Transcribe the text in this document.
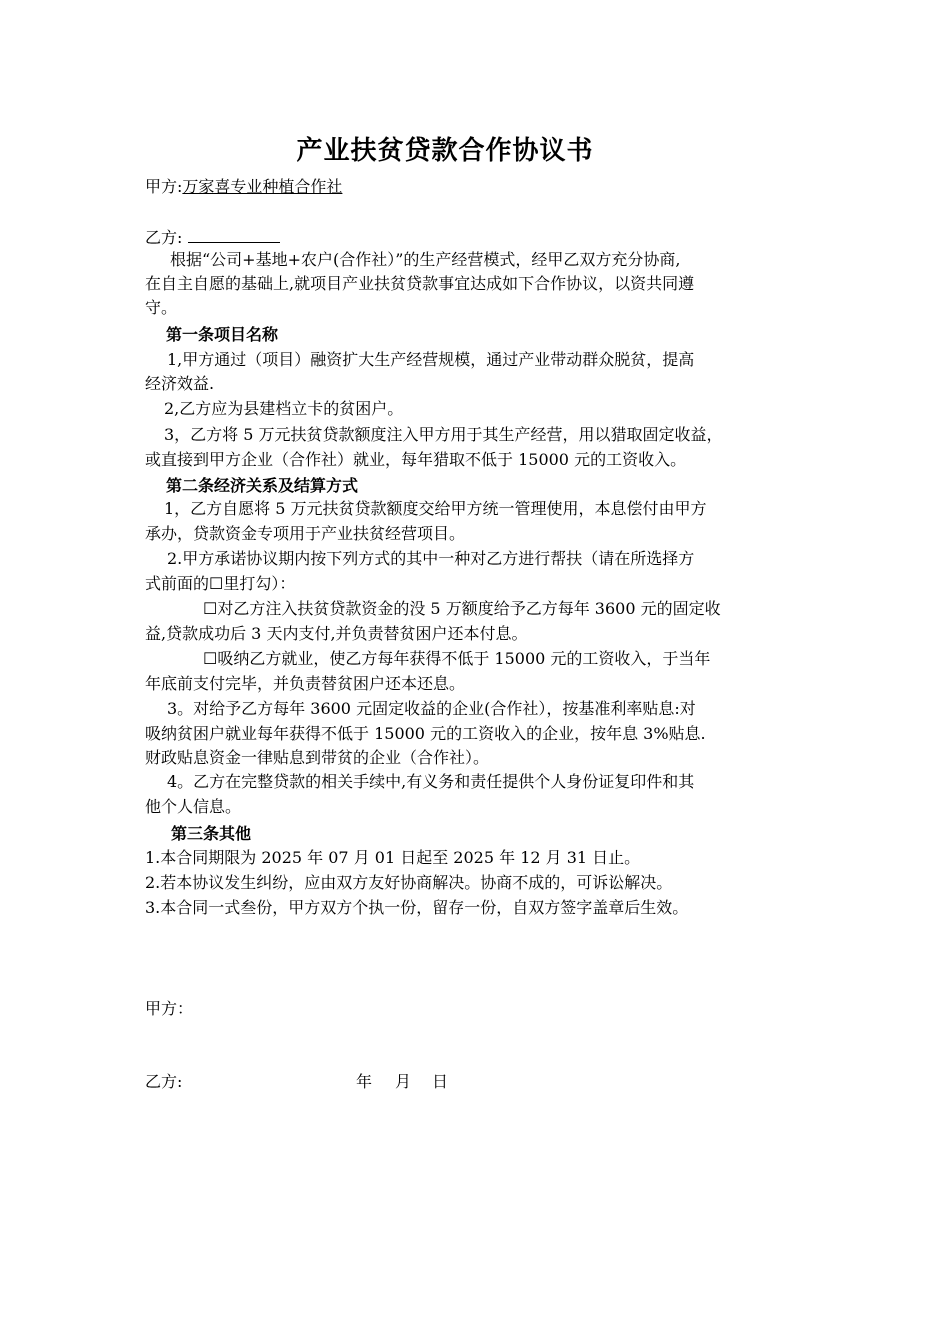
产业扶贫贷款合作协议书
甲方:万家喜专业种植合作社
乙方:
根据“公司+基地+农户(合作社）”的生产经营模式，经甲乙双方充分协商,
在自主自愿的基础上,就项目产业扶贫贷款事宜达成如下合作协议，以资共同遵
守。
第一条项目名称
1,甲方通过（项目）融资扩大生产经营规模，通过产业带动群众脱贫，提高
经济效益.
2,乙方应为县建档立卡的贫困户。
3，乙方将 5 万元扶贫贷款额度注入甲方用于其生产经营，用以猎取固定收益，
或直接到甲方企业（合作社）就业，每年猎取不低于 15000 元的工资收入。
第二条经济关系及结算方式
1，乙方自愿将 5 万元扶贫贷款额度交给甲方统一管理使用，本息偿付由甲方
承办，贷款资金专项用于产业扶贫经营项目。
2.甲方承诺协议期内按下列方式的其中一种对乙方进行帮扶（请在所选择方
式前面的☐里打勾）：
☐对乙方注入扶贫贷款资金的没 5 万额度给予乙方每年 3600 元的固定收
益,贷款成功后 3 天内支付,并负责替贫困户还本付息。
☐吸纳乙方就业，使乙方每年获得不低于 15000 元的工资收入，于当年
年底前支付完毕，并负责替贫困户还本还息。
3。对给予乙方每年 3600 元固定收益的企业(合作社），按基准利率贴息:对
吸纳贫困户就业每年获得不低于 15000 元的工资收入的企业，按年息 3%贴息.
财政贴息资金一律贴息到带贫的企业（合作社）。
4。乙方在完整贷款的相关手续中,有义务和责任提供个人身份证复印件和其
他个人信息。
第三条其他
1.本合同期限为 2025 年 07 月 01 日起至 2025 年 12 月 31 日止。
2.若本协议发生纠纷，应由双方友好协商解决。协商不成的，可诉讼解决。
3.本合同一式叁份，甲方双方个执一份，留存一份，自双方签字盖章后生效。
甲方：
乙方:	年 月 日
